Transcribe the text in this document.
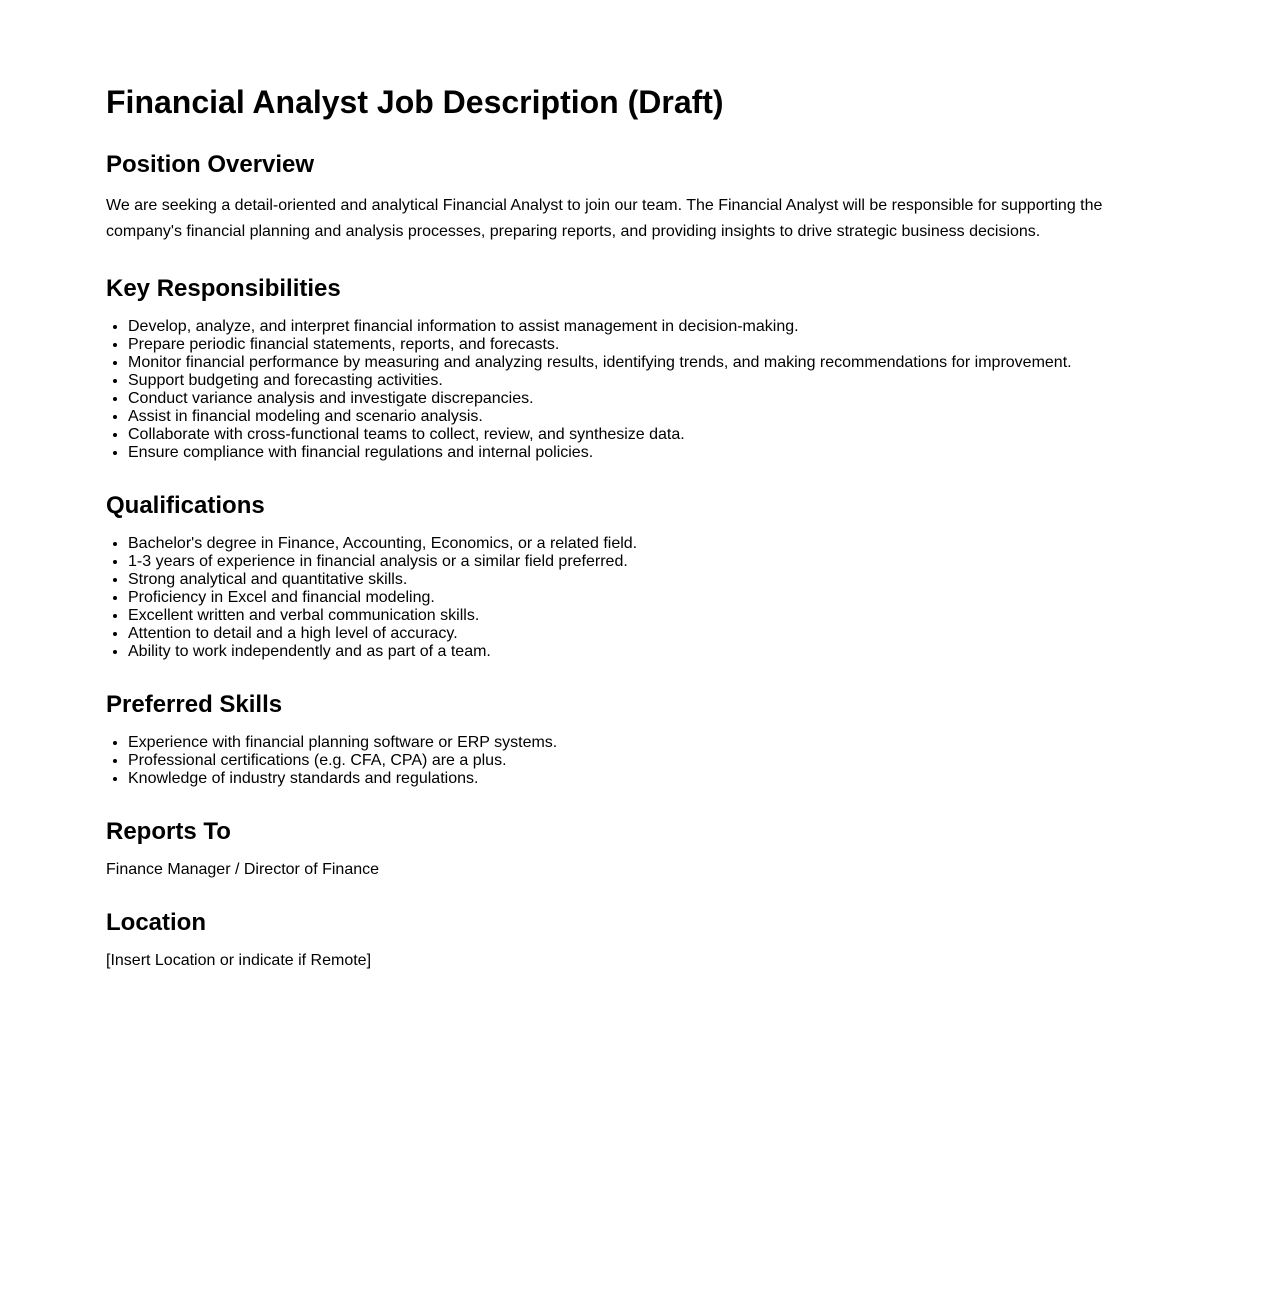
Financial Analyst Job Description (Draft)
Position Overview

We are seeking a detail-oriented and analytical Financial Analyst to join our team. The Financial Analyst will be responsible for supporting the company's financial planning and analysis processes, preparing reports, and providing insights to drive strategic business decisions.

Key Responsibilities
• Develop, analyze, and interpret financial information to assist management in decision-making.
• Prepare periodic financial statements, reports, and forecasts.
• Monitor financial performance by measuring and analyzing results, identifying trends, and making recommendations for improvement.
• Support budgeting and forecasting activities.
• Conduct variance analysis and investigate discrepancies.
• Assist in financial modeling and scenario analysis.
• Collaborate with cross-functional teams to collect, review, and synthesize data.
• Ensure compliance with financial regulations and internal policies.
Qualifications
• Bachelor's degree in Finance, Accounting, Economics, or a related field.
• 1-3 years of experience in financial analysis or a similar field preferred.
• Strong analytical and quantitative skills.
• Proficiency in Excel and financial modeling.
• Excellent written and verbal communication skills.
• Attention to detail and a high level of accuracy.
• Ability to work independently and as part of a team.
Preferred Skills
• Experience with financial planning software or ERP systems.
• Professional certifications (e.g. CFA, CPA) are a plus.
• Knowledge of industry standards and regulations.
Reports To

Finance Manager / Director of Finance

Location

[Insert Location or indicate if Remote]
